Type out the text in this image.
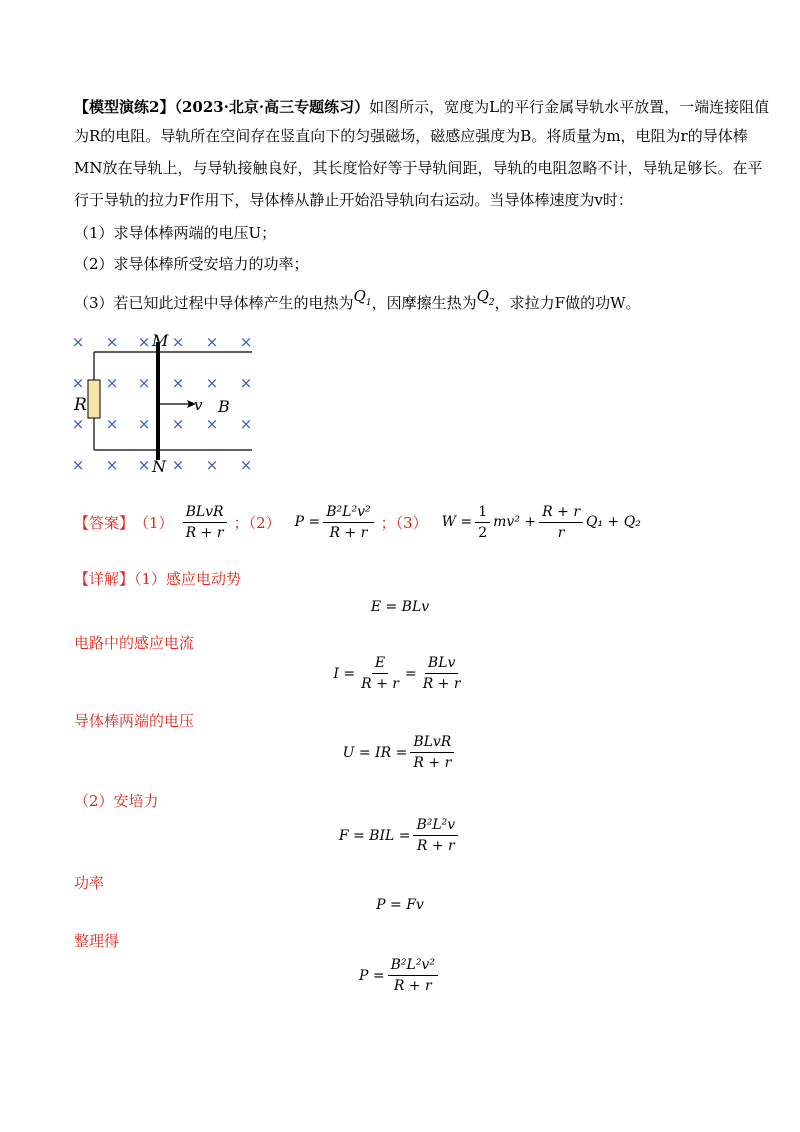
【模型演练2】（2023·北京·高三专题练习）如图所示，宽度为L的平行金属导轨水平放置，一端连接阻值
为R的电阻。导轨所在空间存在竖直向下的匀强磁场，磁感应强度为B。将质量为m，电阻为r的导体棒
MN放在导轨上，与导轨接触良好，其长度恰好等于导轨间距，导轨的电阻忽略不计，导轨足够长。在平
行于导轨的拉力F作用下，导体棒从静止开始沿导轨向右运动。当导体棒速度为v时：
（1）求导体棒两端的电压U；
（2）求导体棒所受安培力的功率；
（3）若已知此过程中导体棒产生的电热为$Q_1$，因摩擦生热为$Q_2$，求拉力F做的功W。
× × × × × ×
× × × × × ×
× × × × × ×
× × × × × ×
R
M
N
v B
【答案】 $(1) \frac{\text{BLvR}}{R + r}$ ；（2） $P = \frac{\text{B²L²v²}}{R + r}$ ；（3） $W = \frac{1}{2} mv^2 + \frac{R + r}{r} Q_1 + Q_2$
【详解】（1）感应电动势
E = BLv
电路中的感应电流
$I = \frac{E}{R + r} = \frac{\text{BLv}}{R + r}$
导体棒两端的电压
U = IR = $\frac{\text{BLvR}}{R + r}$
（2）安培力
F = BIL = $\frac{\text{B²L²v}}{R + r}$
功率
P = Fv
整理得
$P = \frac{\text{B²L²v²}}{R + r}$
